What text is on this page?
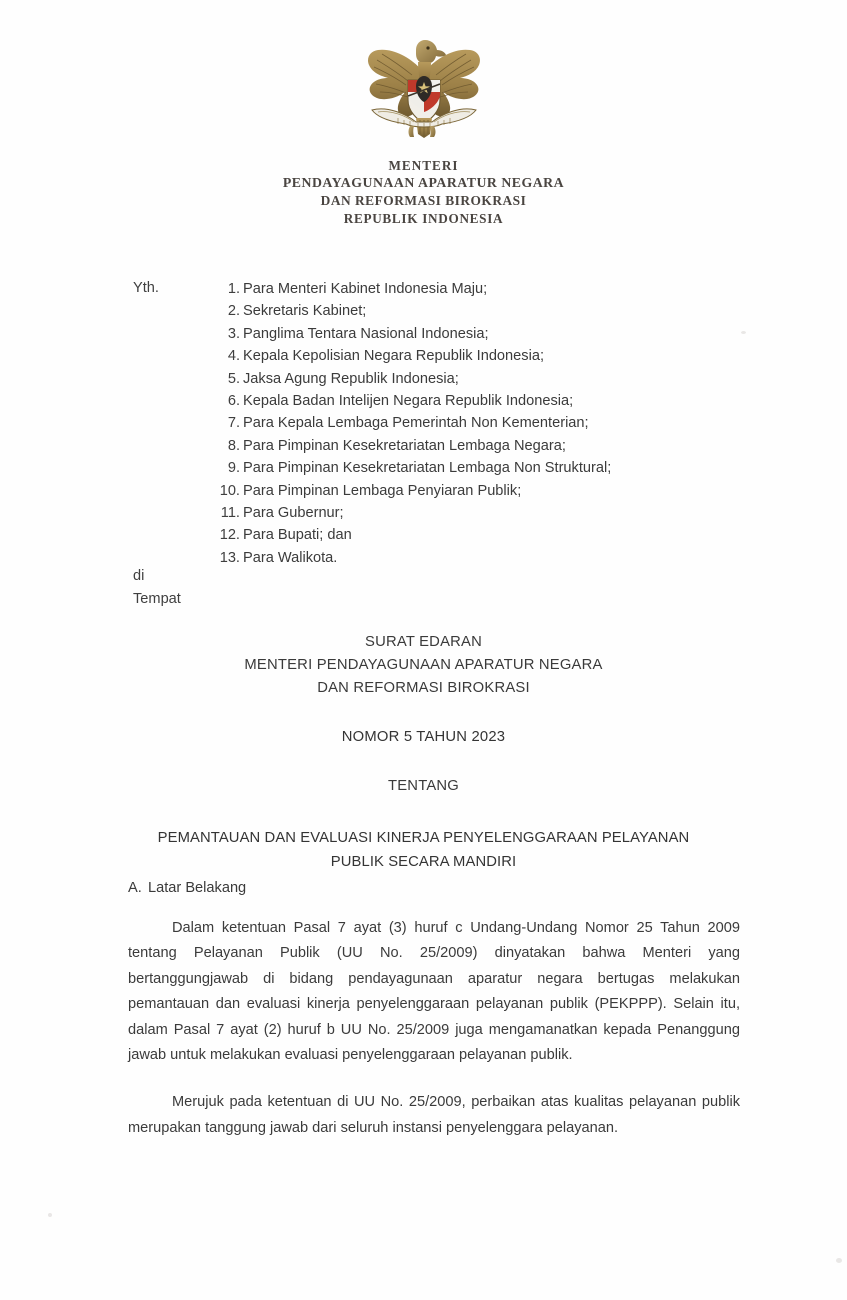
MENTERI
PENDAYAGUNAAN APARATUR NEGARA
DAN REFORMASI BIROKRASI
REPUBLIK INDONESIA
Yth.	1. Para Menteri Kabinet Indonesia Maju;
2. Sekretaris Kabinet;
3. Panglima Tentara Nasional Indonesia;
4. Kepala Kepolisian Negara Republik Indonesia;
5. Jaksa Agung Republik Indonesia;
6. Kepala Badan Intelijen Negara Republik Indonesia;
7. Para Kepala Lembaga Pemerintah Non Kementerian;
8. Para Pimpinan Kesekretariatan Lembaga Negara;
9. Para Pimpinan Kesekretariatan Lembaga Non Struktural;
10. Para Pimpinan Lembaga Penyiaran Publik;
11. Para Gubernur;
12. Para Bupati; dan
13. Para Walikota.
di
Tempat
SURAT EDARAN
MENTERI PENDAYAGUNAAN APARATUR NEGARA
DAN REFORMASI BIROKRASI
NOMOR 5 TAHUN 2023
TENTANG
PEMANTAUAN DAN EVALUASI KINERJA PENYELENGGARAAN PELAYANAN
PUBLIK SECARA MANDIRI
A. Latar Belakang

Dalam ketentuan Pasal 7 ayat (3) huruf c Undang-Undang Nomor 25 Tahun 2009 tentang Pelayanan Publik (UU No. 25/2009) dinyatakan bahwa Menteri yang bertanggungjawab di bidang pendayagunaan aparatur negara bertugas melakukan pemantauan dan evaluasi kinerja penyelenggaraan pelayanan publik (PEKPPP). Selain itu, dalam Pasal 7 ayat (2) huruf b UU No. 25/2009 juga mengamanatkan kepada Penanggung jawab untuk melakukan evaluasi penyelenggaraan pelayanan publik.

Merujuk pada ketentuan di UU No. 25/2009, perbaikan atas kualitas pelayanan publik merupakan tanggung jawab dari seluruh instansi penyelenggara pelayanan.
